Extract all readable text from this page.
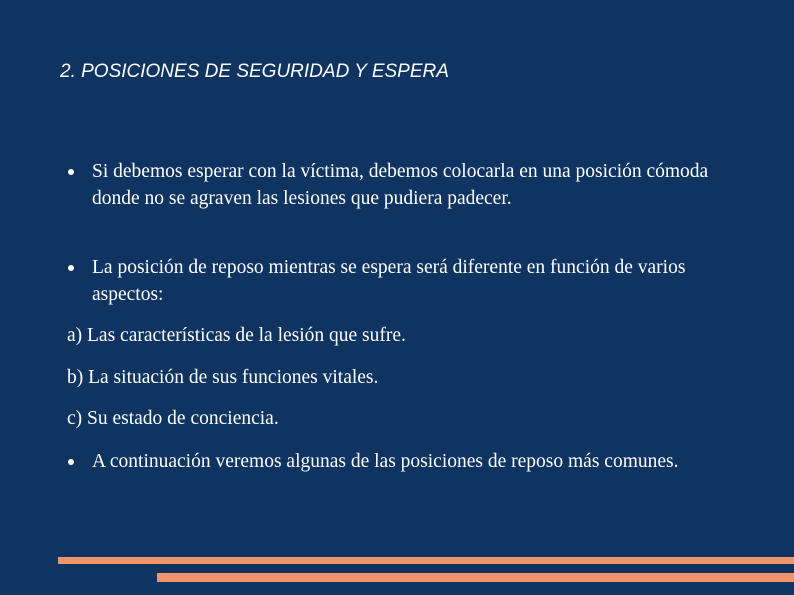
2. POSICIONES DE SEGURIDAD Y ESPERA
Si debemos esperar con la víctima, debemos colocarla en una posición cómoda donde no se agraven las lesiones que pudiera padecer.
La posición de reposo mientras se espera será diferente en función de varios aspectos:
a) Las características de la lesión que sufre.
b) La situación de sus funciones vitales.
c) Su estado de conciencia.
A continuación veremos algunas de las posiciones de reposo más comunes.
